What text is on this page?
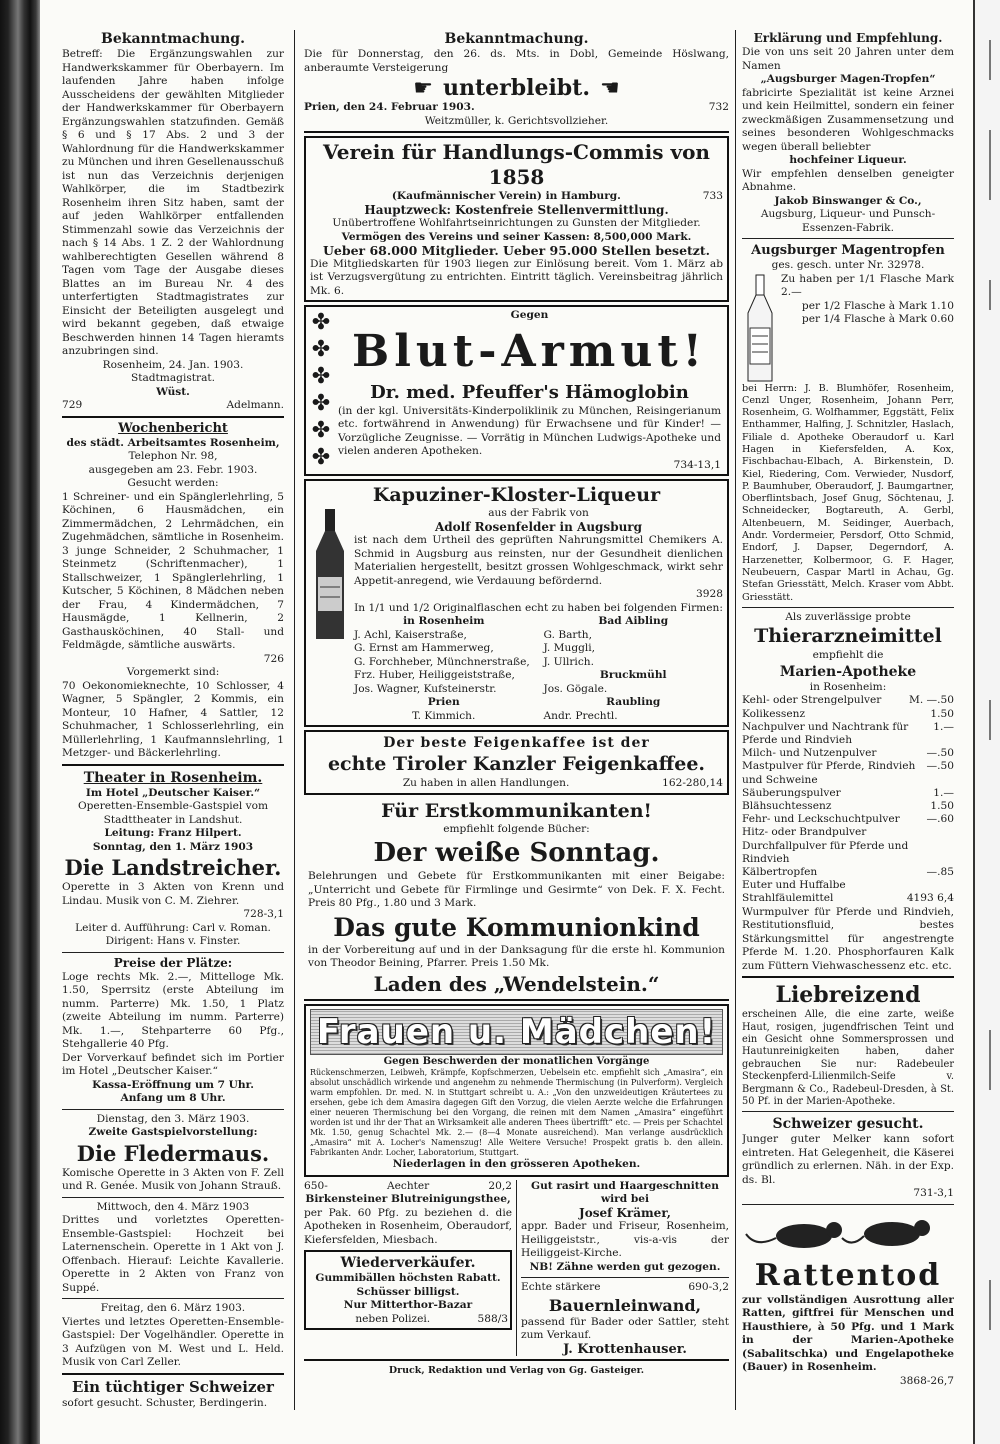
Bekanntmachung.

Betreff: Die Ergänzungswahlen zur Handwerkskammer für Oberbayern. Im laufenden Jahre haben infolge Ausscheidens der gewählten Mitglieder der Handwerkskammer für Oberbayern Ergänzungswahlen statzufinden. Gemäß § 6 und § 17 Abs. 2 und 3 der Wahlordnung für die Handwerkskammer zu München und ihren Gesellenausschuß ist nun das Verzeichnis derjenigen Wahlkörper, die im Stadtbezirk Rosenheim ihren Sitz haben, samt der auf jeden Wahlkörper entfallenden Stimmenzahl sowie das Verzeichnis der nach § 14 Abs. 1 Z. 2 der Wahlordnung wahlberechtigten Gesellen während 8 Tagen vom Tage der Ausgabe dieses Blattes an im Bureau Nr. 4 des unterfertigten Stadtmagistrates zur Einsicht der Beteiligten ausgelegt und wird bekannt gegeben, daß etwaige Beschwerden hinnen 14 Tagen hieramts anzubringen sind.

Rosenheim, 24. Jan. 1903.

Stadtmagistrat.

Wüst.

729	Adelmann.

Wochenbericht

des städt. Arbeitsamtes Rosenheim,

Telephon Nr. 98,

ausgegeben am 23. Febr. 1903.

Gesucht werden:

1 Schreiner- und ein Spänglerlehrling, 5 Köchinen, 6 Hausmädchen, ein Zimmermädchen, 2 Lehrmädchen, ein Zugehmädchen, sämtliche in Rosenheim. 3 junge Schneider, 2 Schuhmacher, 1 Steinmetz (Schriftenmacher), 1 Stallschweizer, 1 Spänglerlehrling, 1 Kutscher, 5 Köchinen, 8 Mädchen neben der Frau, 4 Kindermädchen, 7 Hausmägde, 1 Kellnerin, 2 Gasthausköchinen, 40 Stall- und Feldmägde, sämtliche auswärts.

726

Vorgemerkt sind:

70 Oekonomieknechte, 10 Schlosser, 4 Wagner, 5 Spängler, 2 Kommis, ein Monteur, 10 Hafner, 4 Sattler, 12 Schuhmacher, 1 Schlosserlehrling, ein Müllerlehrling, 1 Kaufmannslehrling, 1 Metzger- und Bäckerlehrling.

Theater in Rosenheim.

Im Hotel „Deutscher Kaiser.“

Operetten-Ensemble-Gastspiel vom Stadttheater in Landshut.

Leitung: Franz Hilpert.

Sonntag, den 1. März 1903

Die Landstreicher.

Operette in 3 Akten von Krenn und Lindau. Musik von C. M. Ziehrer.

728-3,1

Leiter d. Aufführung: Carl v. Roman.

Dirigent: Hans v. Finster.

Preise der Plätze:

Loge rechts Mk. 2.—, Mittelloge Mk. 1.50, Sperrsitz (erste Abteilung im numm. Parterre) Mk. 1.50, 1 Platz (zweite Abteilung im numm. Parterre) Mk. 1.—, Stehparterre 60 Pfg., Stehgallerie 40 Pfg.

Der Vorverkauf befindet sich im Portier im Hotel „Deutscher Kaiser.“

Kassa-Eröffnung um 7 Uhr.

Anfang um 8 Uhr.

Dienstag, den 3. März 1903.

Zweite Gastspielvorstellung:

Die Fledermaus.

Komische Operette in 3 Akten von F. Zell und R. Genée. Musik von Johann Strauß.

Mittwoch, den 4. März 1903

Drittes und vorletztes Operetten-Ensemble-Gastspiel: Hochzeit bei Laternenschein. Operette in 1 Akt von J. Offenbach. Hierauf: Leichte Kavallerie. Operette in 2 Akten von Franz von Suppé.

Freitag, den 6. März 1903.

Viertes und letztes Operetten-Ensemble-Gastspiel: Der Vogelhändler. Operette in 3 Aufzügen von M. West und L. Held. Musik von Carl Zeller.

Ein tüchtiger Schweizer

sofort gesucht. Schuster, Berdingerin.

Bekanntmachung.

Die für Donnerstag, den 26. ds. Mts. in Dobl, Gemeinde Höslwang, anberaumte Versteigerung

☛ unterbleibt. ☛
Prien, den 24. Februar 1903.	732

Weitzmüller, k. Gerichtsvollzieher.

Verein für Handlungs-Commis von 1858

(Kaufmännischer Verein) in Hamburg.	733

Hauptzweck: Kostenfreie Stellenvermittlung.

Unübertroffene Wohlfahrtseinrichtungen zu Gunsten der Mitglieder.

Vermögen des Vereins und seiner Kassen: 8,500,000 Mark.

Ueber 68.000 Mitglieder. Ueber 95.000 Stellen besetzt.

Die Mitgliedskarten für 1903 liegen zur Einlösung bereit. Vom 1. März ab ist Verzugsvergütung zu entrichten. Eintritt täglich. Vereinsbeitrag jährlich Mk. 6.

✤
✤
✤
✤
✤
✤

Gegen

Blut-Armut!

Dr. med. Pfeuffer's Hämoglobin

(in der kgl. Universitäts-Kinderpoliklinik zu München, Reisingerianum etc. fortwährend in Anwendung) für Erwachsene und für Kinder! — Vorzügliche Zeugnisse. — Vorrätig in München Ludwigs-Apotheke und vielen anderen Apotheken.

734-13,1

Kapuziner-Kloster-Liqueur

aus der Fabrik von

Adolf Rosenfelder in Augsburg

ist nach dem Urtheil des geprüften Nahrungsmittel Chemikers A. Schmid in Augsburg aus reinsten, nur der Gesundheit dienlichen Materialien hergestellt, besitzt grossen Wohlgeschmack, wirkt sehr Appetit-anregend, wie Verdauung befördernd.

3928

In 1/1 und 1/2 Originalflaschen echt zu haben bei folgenden Firmen:

in Rosenheim

J. Achl, Kaiserstraße,

G. Ernst am Hammerweg,

G. Forchheber, Münchnerstraße,

Frz. Huber, Heiliggeiststraße,

Jos. Wagner, Kufsteinerstr.

Prien

T. Kimmich.

Bad Aibling

G. Barth,

J. Muggli,

J. Ullrich.

Bruckmühl

Jos. Gögale.

Raubling

Andr. Prechtl.

Der beste Feigenkaffee ist der

echte Tiroler Kanzler Feigenkaffee.

Zu haben in allen Handlungen.	162-280,14

Für Erstkommunikanten!

empfiehlt folgende Bücher:

Der weiße Sonntag.

Belehrungen und Gebete für Erstkommunikanten mit einer Beigabe: „Unterricht und Gebete für Firmlinge und Gesirmte“ von Dek. F. X. Fecht. Preis 80 Pfg., 1.80 und 3 Mark.

Das gute Kommunionkind

in der Vorbereitung auf und in der Danksagung für die erste hl. Kommunion von Theodor Beining, Pfarrer. Preis 1.50 Mk.

Laden des „Wendelstein.“

Frauen u. Mädchen!

Gegen Beschwerden der monatlichen Vorgänge

Rückenschmerzen, Leibweh, Krämpfe, Kopfschmerzen, Uebelsein etc. empfiehlt sich „Amasira“, ein absolut unschädlich wirkende und angenehm zu nehmende Thermischung (in Pulverform). Vergleich warm empfohlen. Dr. med. N. in Stuttgart schreibt u. A.: „Von den unzweideutigen Kräutertees zu ersehen, gebe ich dem Amasira dagegen Gift den Vorzug, die vielen Aerzte welche die Erfahrungen einer neueren Thermischung bei den Vorgang, die reinen mit dem Namen „Amasira“ eingeführt worden ist und ihr der That an Wirksamkeit alle anderen Thees übertrifft“ etc. — Preis per Schachtel Mk. 1.50, genug Schachtel Mk. 2.— (8—4 Monate ausreichend). Man verlange ausdrücklich „Amasira“ mit A. Locher's Namenszug! Alle Weitere Versuche! Prospekt gratis b. den allein. Fabrikanten Andr. Locher, Laboratorium, Stuttgart.

Niederlagen in den grösseren Apotheken.

650-	Aechter	20,2

Birkensteiner Blutreinigungsthee,

per Pak. 60 Pfg. zu beziehen d. die Apotheken in Rosenheim, Oberaudorf, Kiefersfelden, Miesbach.

Wiederverkäufer.

Gummibällen höchsten Rabatt.

Schüsser billigst.

Nur Mitterthor-Bazar

neben Polizei.	588/3

Gut rasirt und Haargeschnitten wird bei

Josef Krämer,

appr. Bader und Friseur, Rosenheim, Heiliggeiststr., vis-a-vis der Heiliggeist-Kirche.

NB! Zähne werden gut gezogen.

Echte stärkere	690-3,2

Bauernleinwand,

passend für Bader oder Sattler, steht zum Verkauf.

J. Krottenhauser.

Druck, Redaktion und Verlag von Gg. Gasteiger.

Erklärung und Empfehlung.

Die von uns seit 20 Jahren unter dem Namen

„Augsburger Magen-Tropfen“

fabricirte Spezialität ist keine Arznei und kein Heilmittel, sondern ein feiner zweckmäßigen Zusammensetzung und seines besonderen Wohlgeschmacks wegen überall beliebter

hochfeiner Liqueur.

Wir empfehlen denselben geneigter Abnahme.

Jakob Binswanger & Co.,

Augsburg, Liqueur- und Punsch-Essenzen-Fabrik.

Augsburger Magentropfen

ges. gesch. unter Nr. 32978.

Zu haben per 1/1 Flasche Mark 2.—

per 1/2 Flasche à Mark 1.10

per 1/4 Flasche à Mark 0.60

bei Herrn: J. B. Blumhöfer, Rosenheim, Cenzl Unger, Rosenheim, Johann Perr, Rosenheim, G. Wolfhammer, Eggstätt, Felix Enthammer, Halfing, J. Schnitzler, Haslach, Filiale d. Apotheke Oberaudorf u. Karl Hagen in Kiefersfelden, A. Kox, Fischbachau-Elbach, A. Birkenstein, D. Kiel, Riedering, Com. Verwieder, Nusdorf, P. Baumhuber, Oberaudorf, J. Baumgartner, Oberflintsbach, Josef Gnug, Söchtenau, J. Schneidecker, Bogtareuth, A. Gerbl, Altenbeuern, M. Seidinger, Auerbach, Andr. Vordermeier, Persdorf, Otto Schmid, Endorf, J. Dapser, Degerndorf, A. Harzenetter, Kolbermoor, G. F. Hager, Neubeuern, Caspar Martl in Achau, Gg. Stefan Griesstätt, Melch. Kraser vom Abbt. Griesstätt.

Als zuverlässige probte

Thierarzneimittel

empfiehlt die

Marien-Apotheke

in Rosenheim:

Kehl- oder Strengelpulver	M. —.50
Kolikessenz	1.50
Nachpulver und Nachtrank für Pferde und Rindvieh
1.—
Milch- und Nutzenpulver	—.50
Mastpulver für Pferde, Rindvieh und Schweine
—.50
Säuberungspulver	1.—
Blähsuchtessenz	1.50
Fehr- und Leckschuchtpulver	—.60
Hitz- oder Brandpulver
Durchfallpulver für Pferde und Rindvieh
Kälbertropfen	—.85
Euter und Huffalbe
Strahlfäulemittel	4193 6,4

Wurmpulver für Pferde und Rindvieh, Restitutionsfluid, bestes Stärkungsmittel für angestrengte Pferde M. 1.20. Phosphorfauren Kalk zum Füttern Viehwaschessenz etc. etc.

Liebreizend

erscheinen Alle, die eine zarte, weiße Haut, rosigen, jugendfrischen Teint und ein Gesicht ohne Sommersprossen und Hautunreinigkeiten haben, daher gebrauchen Sie nur: Radebeuler Steckenpferd-Lilienmilch-Seife v. Bergmann & Co., Radebeul-Dresden, à St. 50 Pf. in der Marien-Apotheke.

Schweizer gesucht.

Junger guter Melker kann sofort eintreten. Hat Gelegenheit, die Käserei gründlich zu erlernen. Näh. in der Exp. ds. Bl.

731-3,1

Rattentod

zur vollständigen Ausrottung aller Ratten, giftfrei für Menschen und Hausthiere, à 50 Pfg. und 1 Mark in der Marien-Apotheke (Sabalitschka) und Engelapotheke (Bauer) in Rosenheim.

3868-26,7
